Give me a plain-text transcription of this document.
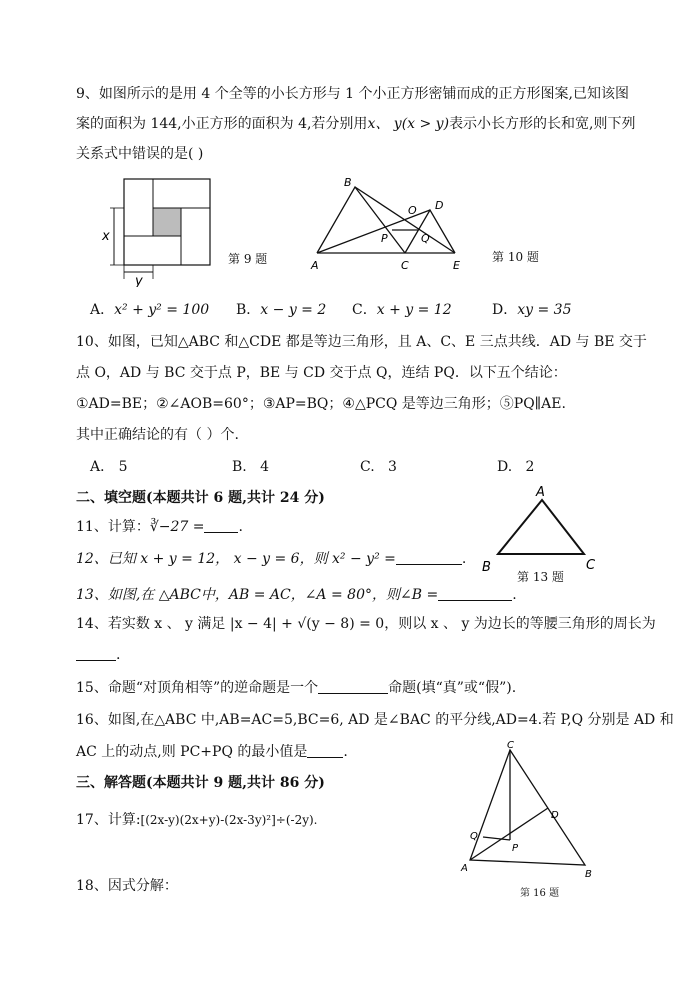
9、如图所示的是用 4 个全等的小长方形与 1 个小正方形密铺而成的正方形图案,已知该图
案的面积为 144,小正方形的面积为 4,若分别用x、 y(x > y)表示小长方形的长和宽,则下列
关系式中错误的是( )
x
y
第 9 题
B
A	C	E
D
O
P	Q
第 10 题
A．x² + y² = 100 B．x − y = 2 C．x + y = 12	D．xy = 35
10、如图，已知△ABC 和△CDE 都是等边三角形，且 A、C、E 三点共线．AD 与 BE 交于
点 O，AD 与 BC 交于点 P，BE 与 CD 交于点 Q，连结 PQ．以下五个结论：
①AD=BE；②∠AOB=60°；③AP=BQ；④△PCQ 是等边三角形；⑤PQ∥AE.
其中正确结论的有（ ）个.
A． 5	B. 4	C. 3	D. 2
二、填空题(本题共计 6 题,共计 24 分)	A
B	C
第 13 题
11、计算：∛−27 = .
12、已知 x + y = 12， x − y = 6，则 x² − y² =	.
13、如图,在 △ABC中，AB = AC，∠A = 80°，则∠B =	.
14、若实数 x 、 y 满足 |x − 4| + √(y − 8) = 0，则以 x 、 y 为边长的等腰三角形的周长为
.
15、命题“对顶角相等”的逆命题是一个	命题(填“真”或“假”).
16、如图,在△ABC 中,AB=AC=5,BC=6, AD 是∠BAC 的平分线,AD=4.若 P,Q 分别是 AD 和
AC 上的动点,则 PC+PQ 的最小值是	.
三、解答题(本题共计 9 题,共计 86 分)
C
D
Q
P
A
B
第 16 题
17、计算:[(2x-y)(2x+y)-(2x-3y)²]÷(-2y).
18、因式分解：
